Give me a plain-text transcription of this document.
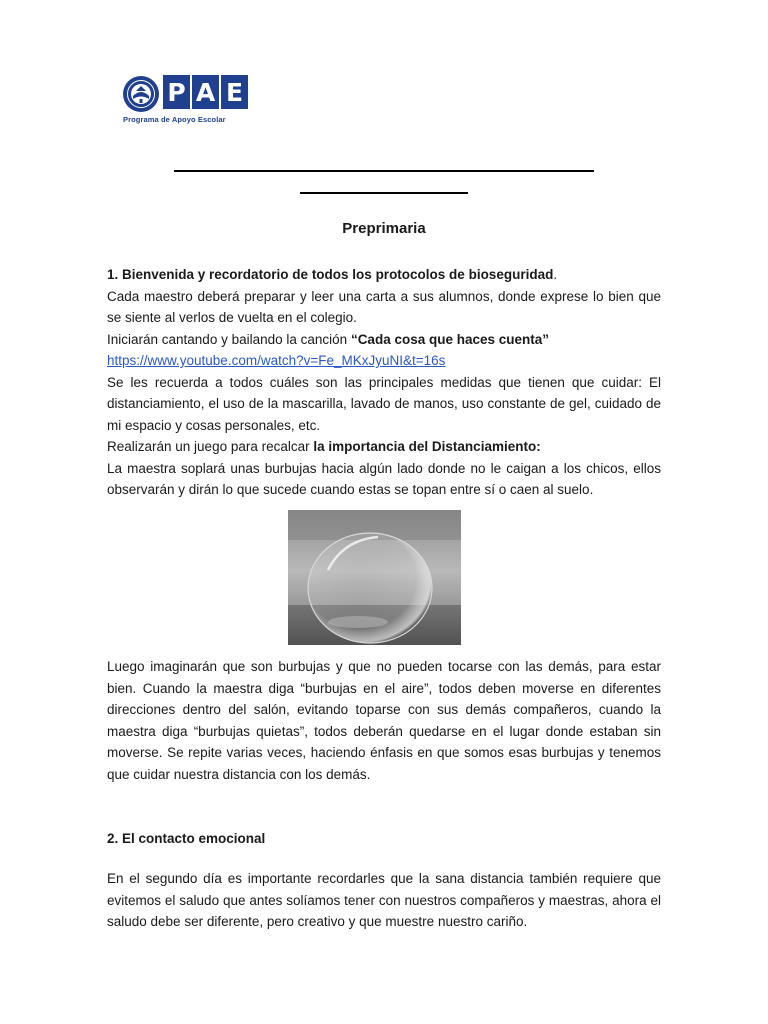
P A E
Programa de Apoyo Escolar
Preprimaria

1. Bienvenida y recordatorio de todos los protocolos de bioseguridad.
Cada maestro deberá preparar y leer una carta a sus alumnos, donde exprese lo bien que se siente al verlos de vuelta en el colegio.
Iniciarán cantando y bailando la canción “Cada cosa que haces cuenta”
https://www.youtube.com/watch?v=Fe_MKxJyuNI&t=16s
Se les recuerda a todos cuáles son las principales medidas que tienen que cuidar: El distanciamiento, el uso de la mascarilla, lavado de manos, uso constante de gel, cuidado de mi espacio y cosas personales, etc.
Realizarán un juego para recalcar la importancia del Distanciamiento:
La maestra soplará unas burbujas hacia algún lado donde no le caigan a los chicos, ellos observarán y dirán lo que sucede cuando estas se topan entre sí o caen al suelo.

Luego imaginarán que son burbujas y que no pueden tocarse con las demás, para estar bien. Cuando la maestra diga “burbujas en el aire”, todos deben moverse en diferentes direcciones dentro del salón, evitando toparse con sus demás compañeros, cuando la maestra diga “burbujas quietas”, todos deberán quedarse en el lugar donde estaban sin moverse. Se repite varias veces, haciendo énfasis en que somos esas burbujas y tenemos que cuidar nuestra distancia con los demás.

2. El contacto emocional

En el segundo día es importante recordarles que la sana distancia también requiere que evitemos el saludo que antes solíamos tener con nuestros compañeros y maestras, ahora el saludo debe ser diferente, pero creativo y que muestre nuestro cariño.
